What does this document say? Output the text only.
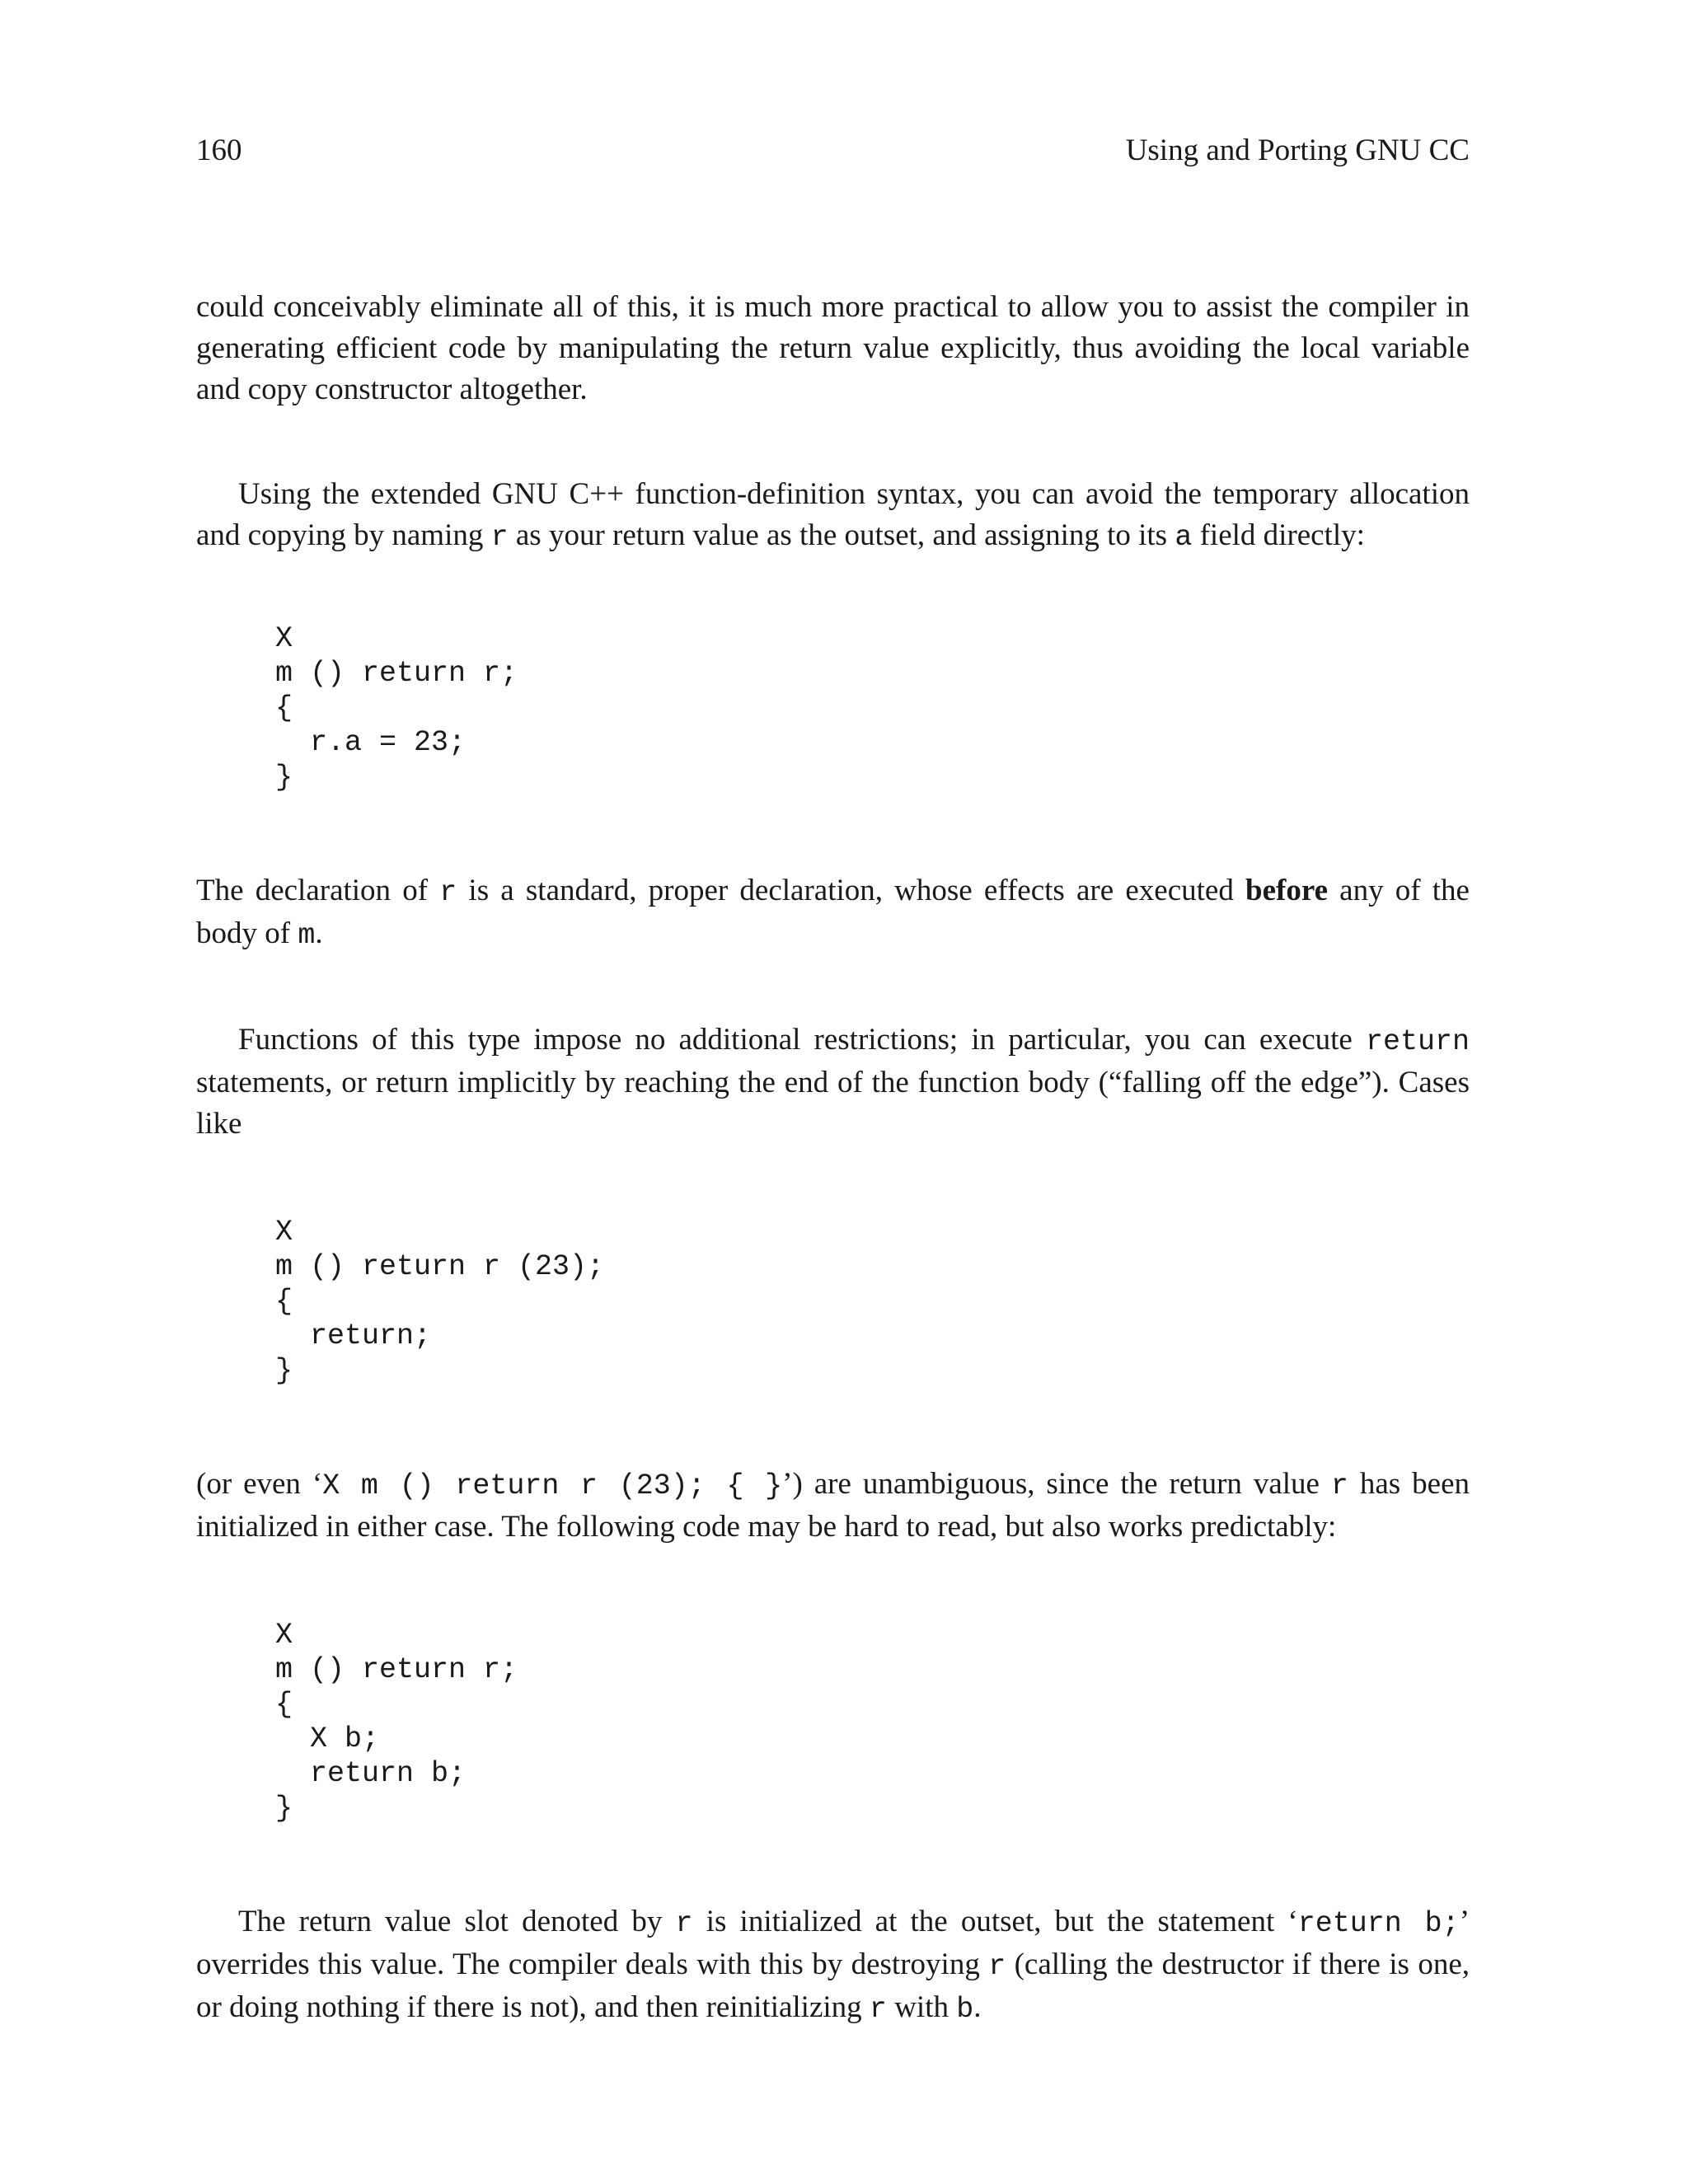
160	Using and Porting GNU CC

could conceivably eliminate all of this, it is much more practical to allow you to assist the compiler in generating efficient code by manipulating the return value explicitly, thus avoiding the local variable and copy constructor altogether.

Using the extended GNU C++ function-definition syntax, you can avoid the temporary allocation and copying by naming r as your return value as the outset, and assigning to its a field directly:

X
m () return r;
{
r.a = 23;
}

The declaration of r is a standard, proper declaration, whose effects are executed before any of the body of m.

Functions of this type impose no additional restrictions; in particular, you can execute return statements, or return implicitly by reaching the end of the function body (“falling off the edge”). Cases like

X
m () return r (23);
{
return;
}

(or even ‘X m () return r (23); { }’) are unambiguous, since the return value r has been initialized in either case. The following code may be hard to read, but also works predictably:

X
m () return r;
{
X b;
return b;
}

The return value slot denoted by r is initialized at the outset, but the statement ‘return b;’ overrides this value. The compiler deals with this by destroying r (calling the destructor if there is one, or doing nothing if there is not), and then reinitializing r with b.
